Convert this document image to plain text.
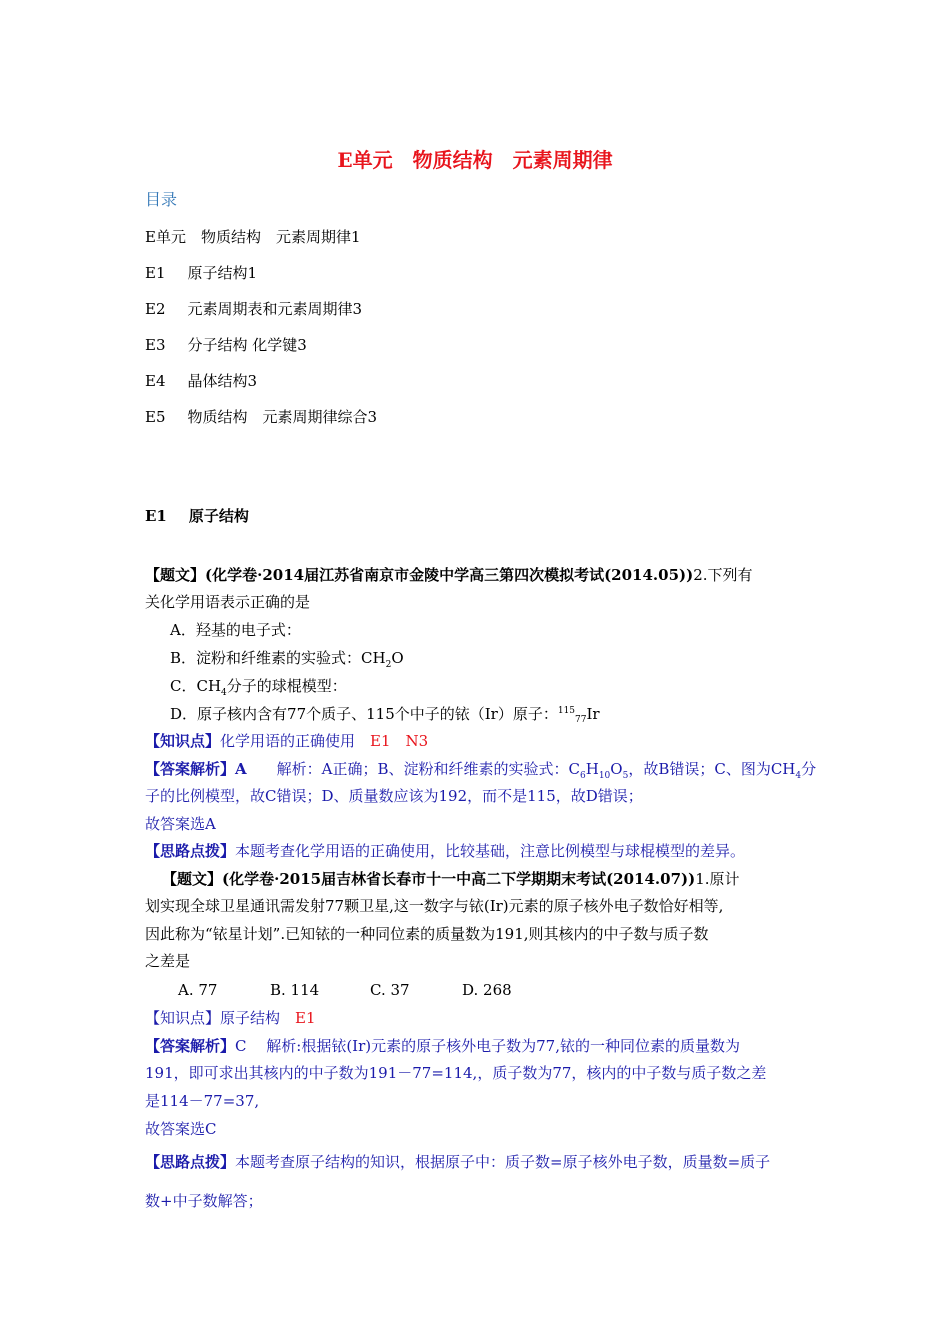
E单元　物质结构　元素周期律
目录
E单元　物质结构　元素周期律1
E1 原子结构1
E2 元素周期表和元素周期律3
E3 分子结构 化学键3
E4 晶体结构3
E5 物质结构　元素周期律综合3
E1 原子结构
【题文】(化学卷·2014届江苏省南京市金陵中学高三第四次模拟考试(2014.05))2.下列有
关化学用语表示正确的是
A．羟基的电子式：
B．淀粉和纤维素的实验式：$CH_2O$
C．$CH_4$分子的球棍模型：
D．原子核内含有77个质子、115个中子的铱（Ir）原子：$^{115}_{77}$Ir
【知识点】化学用语的正确使用　E1　N3
【答案解析】A　　解析：A正确；B、淀粉和纤维素的实验式：$C_6H_{10}O_5$，故B错误；C、图为$CH_4$分
子的比例模型，故C错误；D、质量数应该为192，而不是115，故D错误；
故答案选A
【思路点拨】本题考查化学用语的正确使用，比较基础，注意比例模型与球棍模型的差异。
【题文】(化学卷·2015届吉林省长春市十一中高二下学期期末考试(2014.07))1.原计
划实现全球卫星通讯需发射77颗卫星,这一数字与铱(Ir)元素的原子核外电子数恰好相等,
因此称为“铱星计划”.已知铱的一种同位素的质量数为191,则其核内的中子数与质子数
之差是
A. 77	B. 114	C. 37	D. 268
【知识点】原子结构　E1
【答案解析】C　 解析:根据铱(Ir)元素的原子核外电子数为77,铱的一种同位素的质量数为
191，即可求出其核内的中子数为191－77=114,，质子数为77，核内的中子数与质子数之差
是114－77=37,
故答案选C
【思路点拨】本题考查原子结构的知识，根据原子中：质子数=原子核外电子数，质量数=质子
数+中子数解答；
